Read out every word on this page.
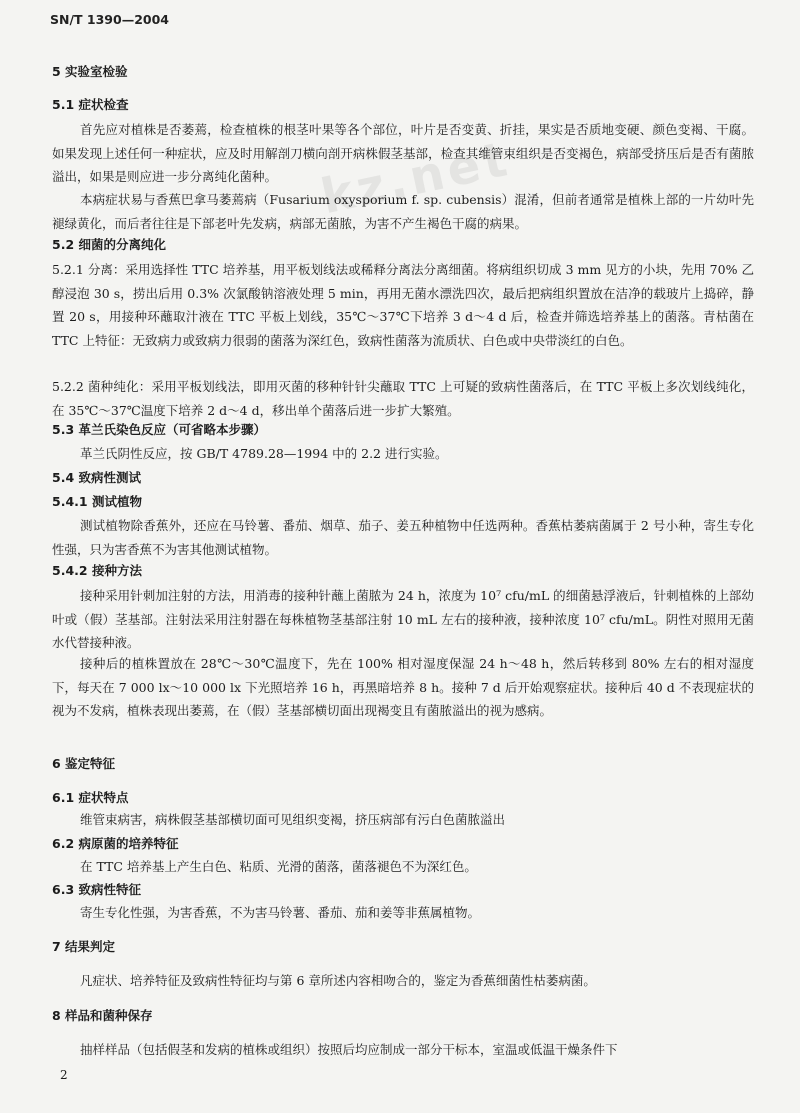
SN/T 1390—2004
kz.net
5 实验室检验
5.1 症状检查
首先应对植株是否萎蔫，检查植株的根茎叶果等各个部位，叶片是否变黄、折挂，果实是否质地变硬、颜色变褐、干腐。如果发现上述任何一种症状，应及时用解剖刀横向剖开病株假茎基部，检查其维管束组织是否变褐色，病部受挤压后是否有菌脓溢出，如果是则应进一步分离纯化菌种。
本病症状易与香蕉巴拿马萎蔫病（Fusarium oxysporium f. sp. cubensis）混淆，但前者通常是植株上部的一片幼叶先褪绿黄化，而后者往往是下部老叶先发病，病部无菌脓，为害不产生褐色干腐的病果。
5.2 细菌的分离纯化
5.2.1 分离：采用选择性 TTC 培养基，用平板划线法或稀释分离法分离细菌。将病组织切成 3 mm 见方的小块，先用 70% 乙醇浸泡 30 s，捞出后用 0.3% 次氯酸钠溶液处理 5 min，再用无菌水漂洗四次，最后把病组织置放在洁净的载玻片上捣碎，静置 20 s，用接种环蘸取汁液在 TTC 平板上划线，35℃～37℃下培养 3 d～4 d 后，检查并筛选培养基上的菌落。青枯菌在 TTC 上特征：无致病力或致病力很弱的菌落为深红色，致病性菌落为流质状、白色或中央带淡红的白色。
5.2.2 菌种纯化：采用平板划线法，即用灭菌的移种针针尖蘸取 TTC 上可疑的致病性菌落后，在 TTC 平板上多次划线纯化，在 35℃～37℃温度下培养 2 d～4 d，移出单个菌落后进一步扩大繁殖。
5.3 革兰氏染色反应（可省略本步骤）
革兰氏阴性反应，按 GB/T 4789.28—1994 中的 2.2 进行实验。
5.4 致病性测试
5.4.1 测试植物
测试植物除香蕉外，还应在马铃薯、番茄、烟草、茄子、姜五种植物中任选两种。香蕉枯萎病菌属于 2 号小种，寄生专化性强，只为害香蕉不为害其他测试植物。
5.4.2 接种方法
接种采用针刺加注射的方法，用消毒的接种针蘸上菌脓为 24 h，浓度为 10⁷ cfu/mL 的细菌悬浮液后，针刺植株的上部幼叶或（假）茎基部。注射法采用注射器在每株植物茎基部注射 10 mL 左右的接种液，接种浓度 10⁷ cfu/mL。阴性对照用无菌水代替接种液。
接种后的植株置放在 28℃～30℃温度下，先在 100% 相对湿度保湿 24 h～48 h，然后转移到 80% 左右的相对湿度下，每天在 7 000 lx～10 000 lx 下光照培养 16 h，再黑暗培养 8 h。接种 7 d 后开始观察症状。接种后 40 d 不表现症状的视为不发病，植株表现出萎蔫，在（假）茎基部横切面出现褐变且有菌脓溢出的视为感病。
6 鉴定特征
6.1 症状特点
维管束病害，病株假茎基部横切面可见组织变褐，挤压病部有污白色菌脓溢出
6.2 病原菌的培养特征
在 TTC 培养基上产生白色、粘质、光滑的菌落，菌落褪色不为深红色。
6.3 致病性特征
寄生专化性强，为害香蕉，不为害马铃薯、番茄、茄和姜等非蕉属植物。
7 结果判定
凡症状、培养特征及致病性特征均与第 6 章所述内容相吻合的，鉴定为香蕉细菌性枯萎病菌。
8 样品和菌种保存
抽样样品（包括假茎和发病的植株或组织）按照后均应制成一部分干标本，室温或低温干燥条件下
2
